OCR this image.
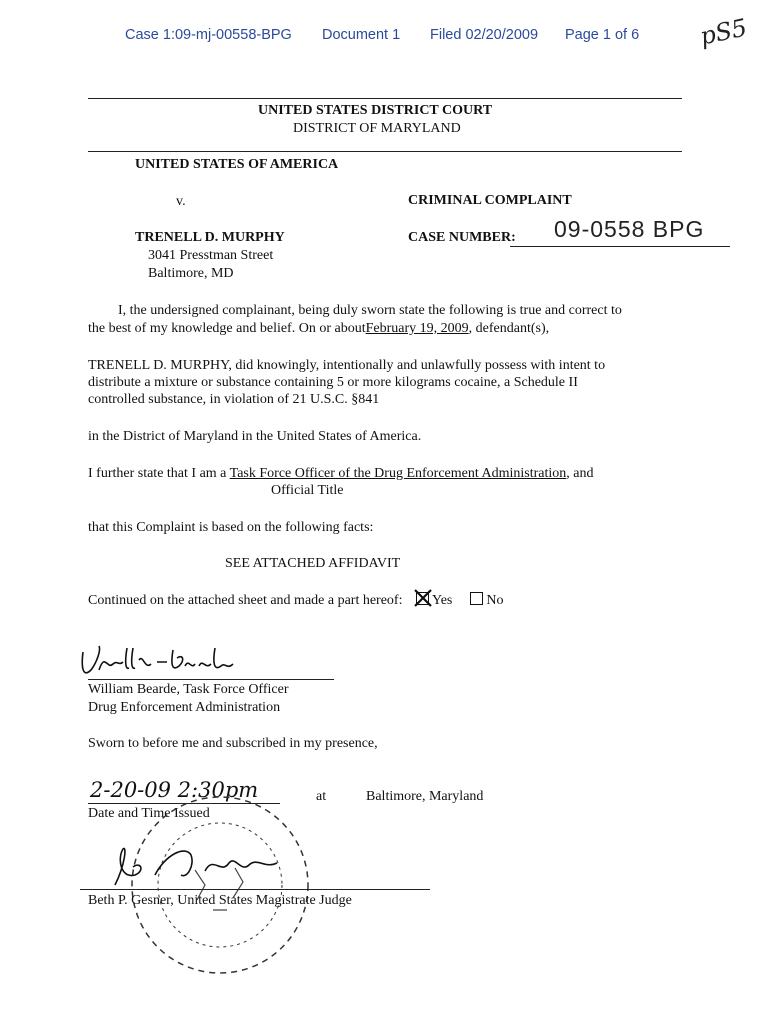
Case 1:09-mj-00558-BPG Document 1 Filed 02/20/2009 Page 1 of 6 pS5
UNITED STATES DISTRICT COURT
DISTRICT OF MARYLAND
UNITED STATES OF AMERICA
v.	CRIMINAL COMPLAINT
TRENELL D. MURPHY
3041 Presstman Street
Baltimore, MD
CASE NUMBER: 09-0558 BPG
I, the undersigned complainant, being duly sworn state the following is true and correct to
the best of my knowledge and belief. On or aboutFebruary 19, 2009, defendant(s),
TRENELL D. MURPHY, did knowingly, intentionally and unlawfully possess with intent to
distribute a mixture or substance containing 5 or more kilograms cocaine, a Schedule II
controlled substance, in violation of 21 U.S.C. §841
in the District of Maryland in the United States of America.
I further state that I am a Task Force Officer of the Drug Enforcement Administration, and
Official Title
that this Complaint is based on the following facts:
SEE ATTACHED AFFIDAVIT
Continued on the attached sheet and made a part hereof: Yes No
William Bearde, Task Force Officer
Drug Enforcement Administration
Sworn to before me and subscribed in my presence,
2-20-09 2:30pm	at	Baltimore, Maryland
Date and Time Issued
Beth P. Gesner, United States Magistrate Judge
